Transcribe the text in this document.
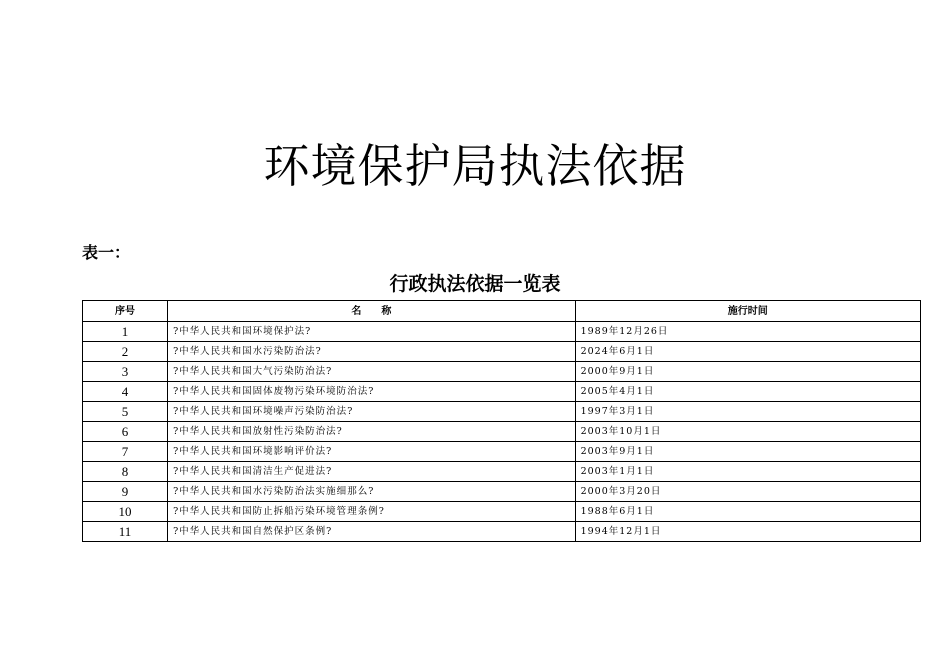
环境保护局执法依据
表一：
行政执法依据一览表
序号	名　　称	施行时间
1	?中华人民共和国环境保护法?	1989年12月26日
2	?中华人民共和国水污染防治法?	2024年6月1日
3	?中华人民共和国大气污染防治法?	2000年9月1日
4	?中华人民共和国固体废物污染环境防治法?	2005年4月1日
5	?中华人民共和国环境噪声污染防治法?	1997年3月1日
6	?中华人民共和国放射性污染防治法?	2003年10月1日
7	?中华人民共和国环境影响评价法?	2003年9月1日
8	?中华人民共和国清洁生产促进法?	2003年1月1日
9	?中华人民共和国水污染防治法实施细那么?	2000年3月20日
10	?中华人民共和国防止拆船污染环境管理条例?	1988年6月1日
11	?中华人民共和国自然保护区条例?	1994年12月1日
